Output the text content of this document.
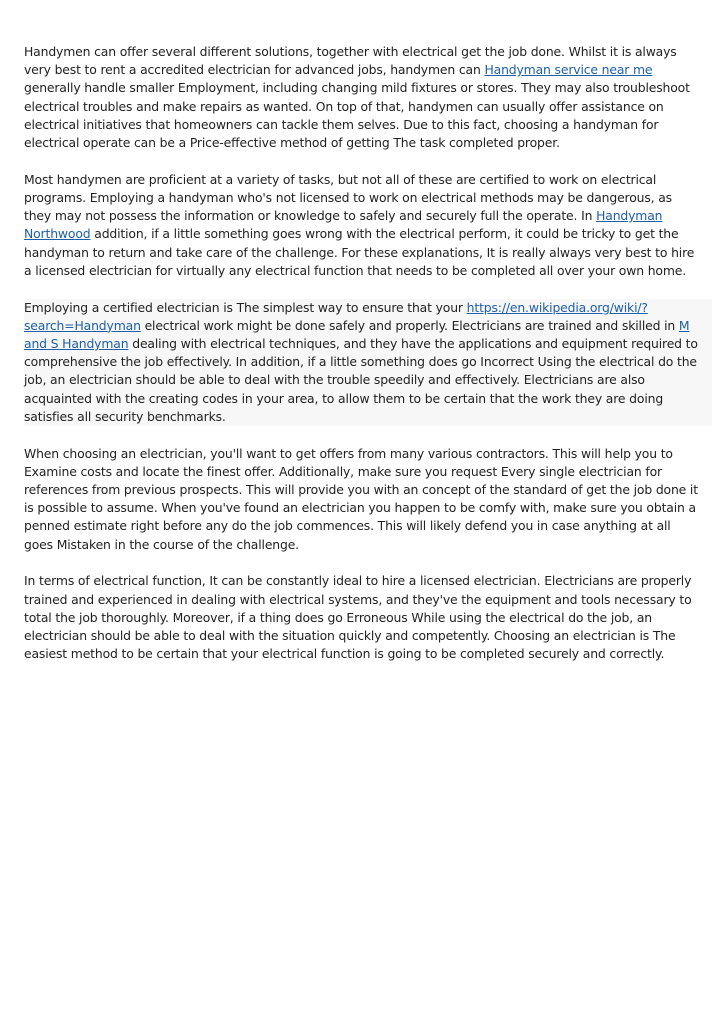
Handymen can offer several different solutions, together with electrical get the job done. Whilst it is always very best to rent a accredited electrician for advanced jobs, handymen can Handyman service near me generally handle smaller Employment, including changing mild fixtures or stores. They may also troubleshoot electrical troubles and make repairs as wanted. On top of that, handymen can usually offer assistance on electrical initiatives that homeowners can tackle them selves. Due to this fact, choosing a handyman for electrical operate can be a Price-effective method of getting The task completed proper.

Most handymen are proficient at a variety of tasks, but not all of these are certified to work on electrical programs. Employing a handyman who's not licensed to work on electrical methods may be dangerous, as they may not possess the information or knowledge to safely and securely full the operate. In Handyman Northwood addition, if a little something goes wrong with the electrical perform, it could be tricky to get the handyman to return and take care of the challenge. For these explanations, It is really always very best to hire a licensed electrician for virtually any electrical function that needs to be completed all over your own home.

Employing a certified electrician is The simplest way to ensure that your https://en.wikipedia.org/wiki/?search=Handyman electrical work might be done safely and properly. Electricians are trained and skilled in M and S Handyman dealing with electrical techniques, and they have the applications and equipment required to comprehensive the job effectively. In addition, if a little something does go Incorrect Using the electrical do the job, an electrician should be able to deal with the trouble speedily and effectively. Electricians are also acquainted with the creating codes in your area, to allow them to be certain that the work they are doing satisfies all security benchmarks.

When choosing an electrician, you'll want to get offers from many various contractors. This will help you to Examine costs and locate the finest offer. Additionally, make sure you request Every single electrician for references from previous prospects. This will provide you with an concept of the standard of get the job done it is possible to assume. When you've found an electrician you happen to be comfy with, make sure you obtain a penned estimate right before any do the job commences. This will likely defend you in case anything at all goes Mistaken in the course of the challenge.

In terms of electrical function, It can be constantly ideal to hire a licensed electrician. Electricians are properly trained and experienced in dealing with electrical systems, and they've the equipment and tools necessary to total the job thoroughly. Moreover, if a thing does go Erroneous While using the electrical do the job, an electrician should be able to deal with the situation quickly and competently. Choosing an electrician is The easiest method to be certain that your electrical function is going to be completed securely and correctly.
